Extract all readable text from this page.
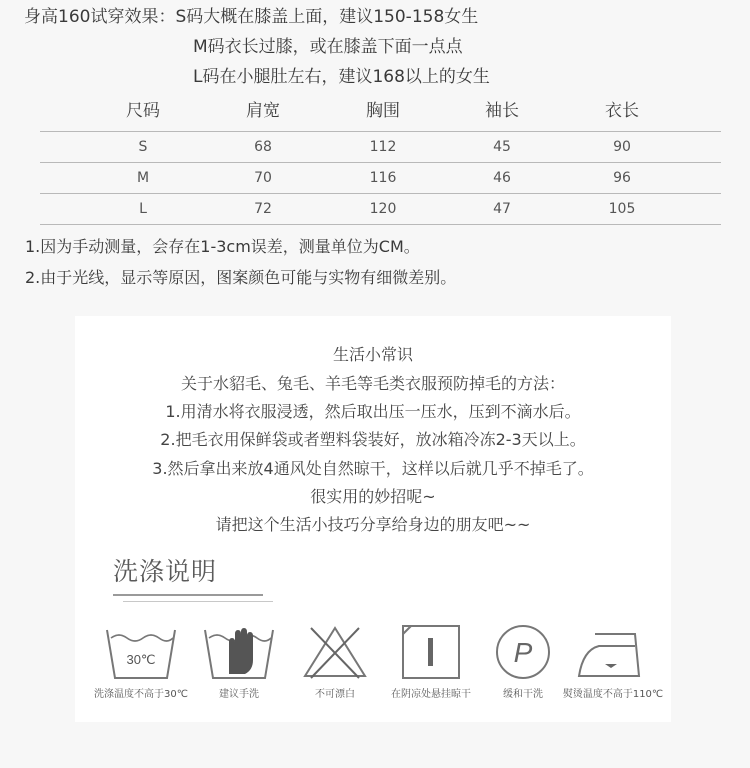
身高160试穿效果：S码大概在膝盖上面，建议150-158女生
M码衣长过膝，或在膝盖下面一点点
L码在小腿肚左右，建议168以上的女生
尺码	肩宽	胸围	袖长	衣长
S	68	112	45	90
M	70	116	46	96
L	72	120	47	105
1.因为手动测量，会存在1-3cm误差，测量单位为CM。
2.由于光线，显示等原因，图案颜色可能与实物有细微差别。
生活小常识
关于水貂毛、兔毛、羊毛等毛类衣服预防掉毛的方法：
1.用清水将衣服浸透，然后取出压一压水，压到不滴水后。
2.把毛衣用保鲜袋或者塑料袋装好，放冰箱冷冻2-3天以上。
3.然后拿出来放4通风处自然晾干，这样以后就几乎不掉毛了。
很实用的妙招呢~
请把这个生活小技巧分享给身边的朋友吧~~
洗涤说明
30℃	P
洗涤温度不高于30℃	建议手洗	不可漂白	在阴凉处悬挂晾干	缓和干洗	熨烫温度不高于110℃
